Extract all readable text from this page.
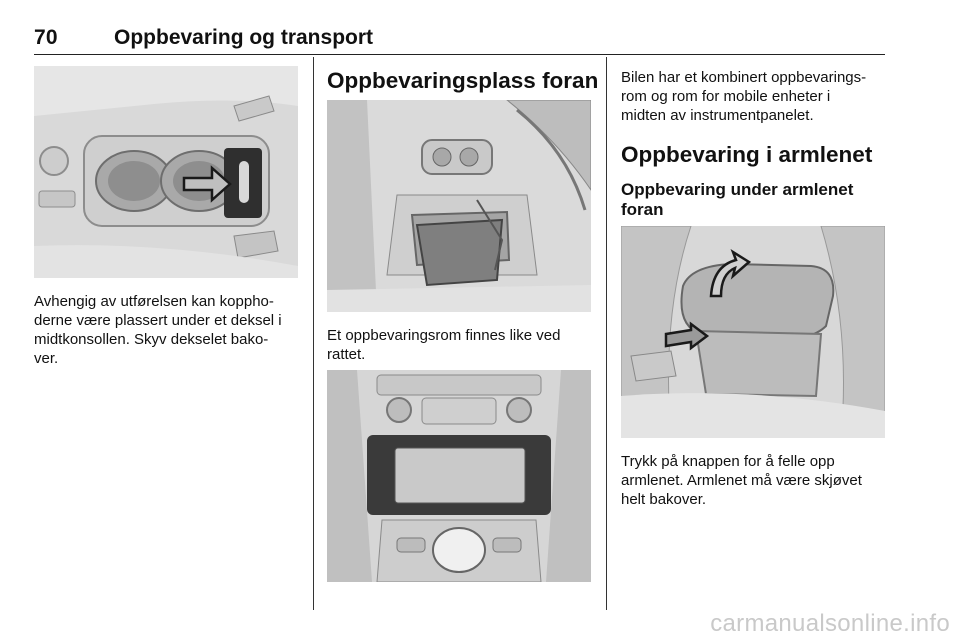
70	Oppbevaring og transport
Avhengig av utførelsen kan koppho-
derne være plassert under et deksel i
midtkonsollen. Skyv dekselet bako-
ver.
Oppbevaringsplass foran
Et oppbevaringsrom finnes like ved
rattet.
Bilen har et kombinert oppbevarings-
rom og rom for mobile enheter i
midten av instrumentpanelet.
Oppbevaring i armlenet
Oppbevaring under armlenet
foran
Trykk på knappen for å felle opp
armlenet. Armlenet må være skjøvet
helt bakover.
carmanualsonline.info
